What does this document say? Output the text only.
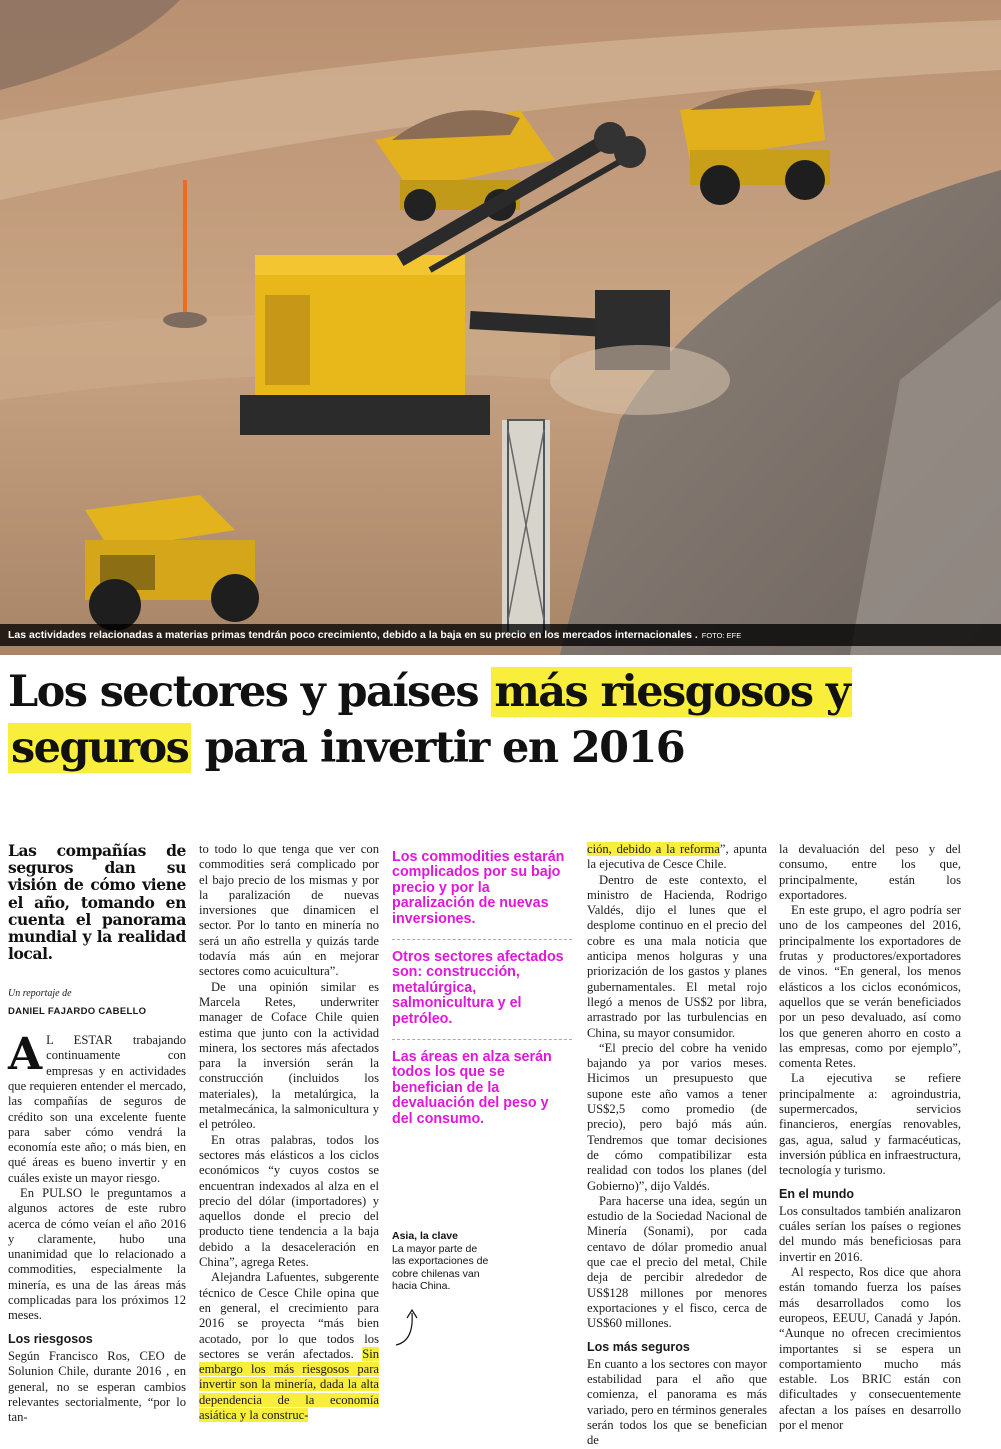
Las actividades relacionadas a materias primas tendrán poco crecimiento, debido a la baja en su precio en los mercados internacionales . FOTO: EFE
Los sectores y países más riesgosos y
seguros para invertir en 2016

Las compañías de seguros dan su visión de cómo viene el año, tomando en cuenta el panorama mundial y la realidad local.

Un reportaje de
DANIEL FAJARDO CABELLO

A L ESTAR trabajando continuamente con empresas y en actividades que requieren entender el mercado, las compañías de seguros de crédito son una excelente fuente para saber cómo vendrá la economía este año; o más bien, en qué áreas es bueno invertir y en cuáles existe un mayor riesgo.

En PULSO le preguntamos a algunos actores de este rubro acerca de cómo veían el año 2016 y claramente, hubo una unanimidad que lo relacionado a commodities, especialmente la minería, es una de las áreas más complicadas para los próximos 12 meses.

Los riesgosos

Según Francisco Ros, CEO de Solunion Chile, durante 2016 , en general, no se esperan cambios relevantes sectorialmente, “por lo tan-

to todo lo que tenga que ver con commodities será complicado por el bajo precio de los mismas y por la paralización de nuevas inversiones que dinamicen el sector. Por lo tanto en minería no será un año estrella y quizás tarde todavía más aún en mejorar sectores como acuicultura”.

De una opinión similar es Marcela Retes, underwriter manager de Coface Chile quien estima que junto con la actividad minera, los sectores más afectados para la inversión serán la construcción (incluidos los materiales), la metalúrgica, la metalmecánica, la salmonicultura y el petróleo.

En otras palabras, todos los sectores más elásticos a los ciclos económicos “y cuyos costos se encuentran indexados al alza en el precio del dólar (importadores) y aquellos donde el precio del producto tiene tendencia a la baja debido a la desaceleración en China”, agrega Retes.

Alejandra Lafuentes, subgerente técnico de Cesce Chile opina que en general, el crecimiento para 2016 se proyecta “más bien acotado, por lo que todos los sectores se verán afectados. Sin embargo los más riesgosos para invertir son la minería, dada la alta dependencia de la economía asiática y la construc-

Los commodities estarán complicados por su bajo precio y por la paralización de nuevas inversiones.
Otros sectores afectados son: construcción, metalúrgica, salmonicultura y el petróleo.
Las áreas en alza serán todos los que se benefician de la devaluación del peso y del consumo.
Asia, la clave
La mayor parte de las exportaciones de cobre chilenas van hacia China.

ción, debido a la reforma”, apunta la ejecutiva de Cesce Chile.

Dentro de este contexto, el ministro de Hacienda, Rodrigo Valdés, dijo el lunes que el desplome continuo en el precio del cobre es una mala noticia que anticipa menos holguras y una priorización de los gastos y planes gubernamentales. El metal rojo llegó a menos de US$2 por libra, arrastrado por las turbulencias en China, su mayor consumidor.

“El precio del cobre ha venido bajando ya por varios meses. Hicimos un presupuesto que supone este año vamos a tener US$2,5 como promedio (de precio), pero bajó más aún. Tendremos que tomar decisiones de cómo compatibilizar esta realidad con todos los planes (del Gobierno)”, dijo Valdés.

Para hacerse una idea, según un estudio de la Sociedad Nacional de Minería (Sonami), por cada centavo de dólar promedio anual que cae el precio del metal, Chile deja de percibir alrededor de US$128 millones por menores exportaciones y el fisco, cerca de US$60 millones.

Los más seguros

En cuanto a los sectores con mayor estabilidad para el año que comienza, el panorama es más variado, pero en términos generales serán todos los que se benefician de

la devaluación del peso y del consumo, entre los que, principalmente, están los exportadores.

En este grupo, el agro podría ser uno de los campeones del 2016, principalmente los exportadores de frutas y productores/exportadores de vinos. “En general, los menos elásticos a los ciclos económicos, aquellos que se verán beneficiados por un peso devaluado, así como los que generen ahorro en costo a las empresas, como por ejemplo”, comenta Retes.

La ejecutiva se refiere principalmente a: agroindustria, supermercados, servicios financieros, energías renovables, gas, agua, salud y farmacéuticas, inversión pública en infraestructura, tecnología y turismo.

En el mundo

Los consultados también analizaron cuáles serían los países o regiones del mundo más beneficiosas para invertir en 2016.

Al respecto, Ros dice que ahora están tomando fuerza los países más desarrollados como los europeos, EEUU, Canadá y Japón. “Aunque no ofrecen crecimientos importantes si se espera un comportamiento mucho más estable. Los BRIC están con dificultades y consecuentemente afectan a los países en desarrollo por el menor
